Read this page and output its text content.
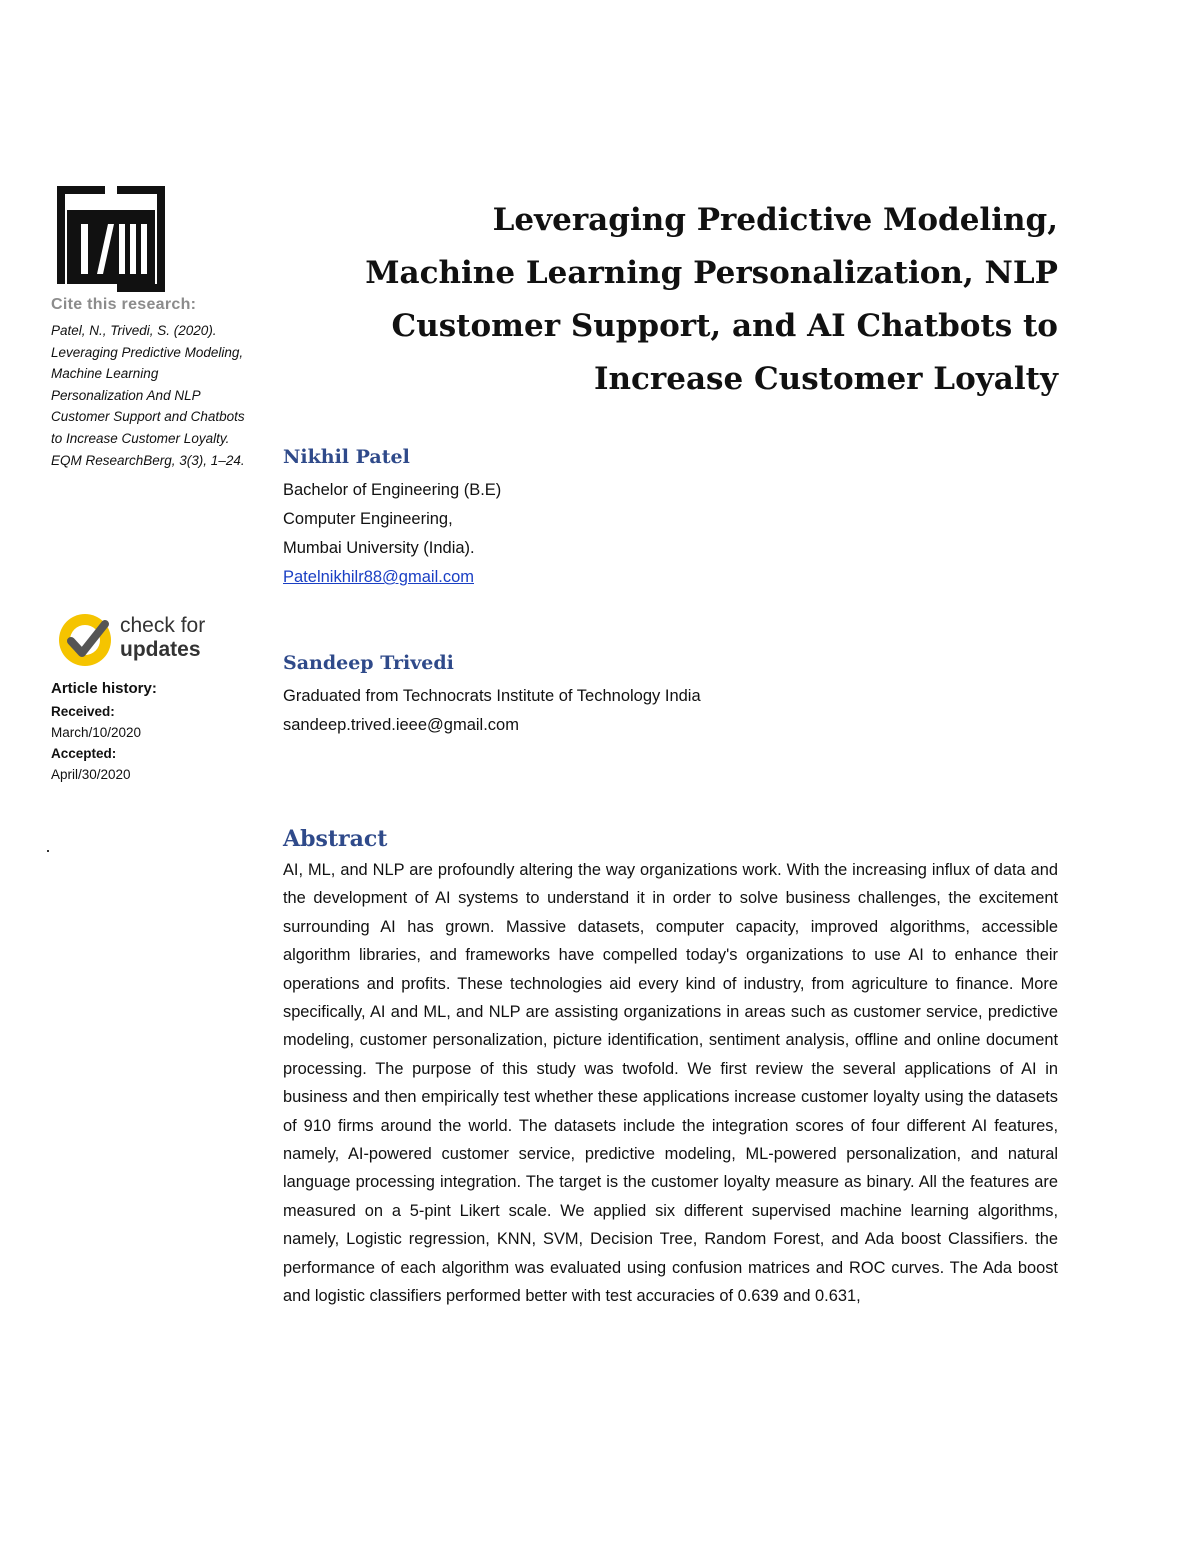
Cite this research:

Patel, N., Trivedi, S. (2020). Leveraging Predictive Modeling, Machine Learning Personalization And NLP Customer Support and Chatbots to Increase Customer Loyalty. EQM ResearchBerg, 3(3), 1–24.

check for
updates

Article history:

Received:

March/10/2020

Accepted:

April/30/2020

Leveraging Predictive Modeling,
Machine Learning Personalization, NLP
Customer Support, and AI Chatbots to
Increase Customer Loyalty

Nikhil Patel

Bachelor of Engineering (B.E)

Computer Engineering,

Mumbai University (India).

Patelnikhilr88@gmail.com

Sandeep Trivedi

Graduated from Technocrats Institute of Technology India

sandeep.trived.ieee@gmail.com

Abstract

AI, ML, and NLP are profoundly altering the way organizations work. With the increasing influx of data and the development of AI systems to understand it in order to solve business challenges, the excitement surrounding AI has grown. Massive datasets, computer capacity, improved algorithms, accessible algorithm libraries, and frameworks have compelled today's organizations to use AI to enhance their operations and profits. These technologies aid every kind of industry, from agriculture to finance. More specifically, AI and ML, and NLP are assisting organizations in areas such as customer service, predictive modeling, customer personalization, picture identification, sentiment analysis, offline and online document processing. The purpose of this study was twofold. We first review the several applications of AI in business and then empirically test whether these applications increase customer loyalty using the datasets of 910 firms around the world. The datasets include the integration scores of four different AI features, namely, AI-powered customer service, predictive modeling, ML-powered personalization, and natural language processing integration. The target is the customer loyalty measure as binary. All the features are measured on a 5-pint Likert scale. We applied six different supervised machine learning algorithms, namely, Logistic regression, KNN, SVM, Decision Tree, Random Forest, and Ada boost Classifiers. the performance of each algorithm was evaluated using confusion matrices and ROC curves. The Ada boost and logistic classifiers performed better with test accuracies of 0.639 and 0.631,
